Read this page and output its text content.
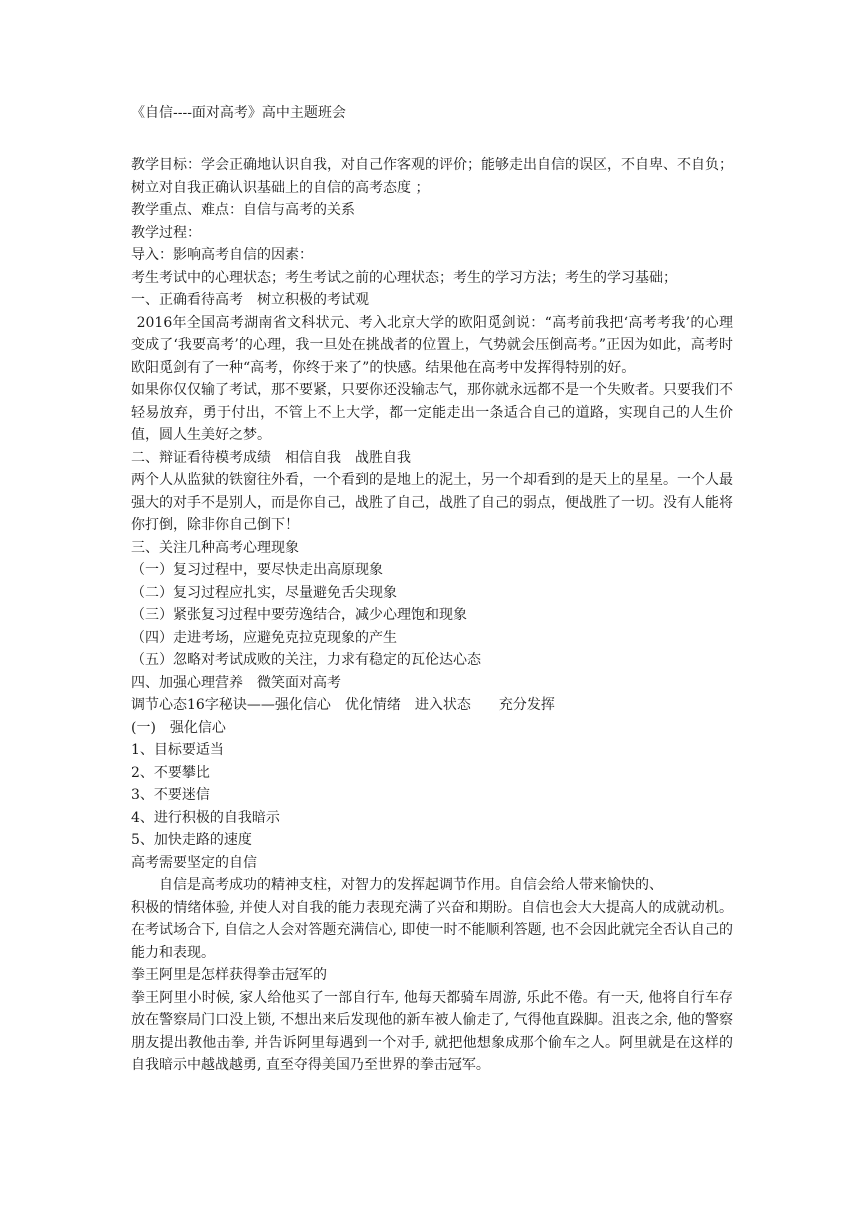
《自信----面对高考》高中主题班会

教学目标：学会正确地认识自我，对自己作客观的评价；能够走出自信的误区，不自卑、不自负；树立对自我正确认识基础上的自信的高考态度 ；

教学重点、难点：自信与高考的关系

教学过程：

导入：影响高考自信的因素：

考生考试中的心理状态；考生考试之前的心理状态；考生的学习方法；考生的学习基础；

一、正确看待高考　树立积极的考试观

2016年全国高考湖南省文科状元、考入北京大学的欧阳觅剑说：“高考前我把‘高考考我’的心理变成了‘我要高考’的心理，我一旦处在挑战者的位置上，气势就会压倒高考。”正因为如此，高考时欧阳觅剑有了一种“高考，你终于来了”的快感。结果他在高考中发挥得特别的好。

如果你仅仅输了考试，那不要紧，只要你还没输志气，那你就永远都不是一个失败者。只要我们不轻易放弃，勇于付出，不管上不上大学，都一定能走出一条适合自己的道路，实现自己的人生价值，圆人生美好之梦。

二、辩证看待模考成绩　相信自我　战胜自我

两个人从监狱的铁窗往外看，一个看到的是地上的泥土，另一个却看到的是天上的星星。一个人最强大的对手不是别人，而是你自己，战胜了自己，战胜了自己的弱点，便战胜了一切。没有人能将你打倒，除非你自己倒下！

三、关注几种高考心理现象

（一）复习过程中，要尽快走出高原现象

（二）复习过程应扎实，尽量避免舌尖现象

（三）紧张复习过程中要劳逸结合，减少心理饱和现象

（四）走进考场，应避免克拉克现象的产生

（五）忽略对考试成败的关注，力求有稳定的瓦伦达心态

四、加强心理营养　微笑面对高考

调节心态16字秘诀——强化信心　优化情绪　进入状态　　充分发挥

(一)　强化信心

1、目标要适当

2、不要攀比

3、不要迷信

4、进行积极的自我暗示

5、加快走路的速度

高考需要坚定的自信

自信是高考成功的精神支柱，对智力的发挥起调节作用。自信会给人带来愉快的、

积极的情绪体验, 并使人对自我的能力表现充满了兴奋和期盼。自信也会大大提高人的成就动机。在考试场合下, 自信之人会对答题充满信心, 即使一时不能顺利答题, 也不会因此就完全否认自己的能力和表现。

拳王阿里是怎样获得拳击冠军的

拳王阿里小时候, 家人给他买了一部自行车, 他每天都骑车周游, 乐此不倦。有一天, 他将自行车存放在警察局门口没上锁, 不想出来后发现他的新车被人偷走了, 气得他直跺脚。沮丧之余, 他的警察朋友提出教他击拳, 并告诉阿里每遇到一个对手, 就把他想象成那个偷车之人。阿里就是在这样的自我暗示中越战越勇, 直至夺得美国乃至世界的拳击冠军。
